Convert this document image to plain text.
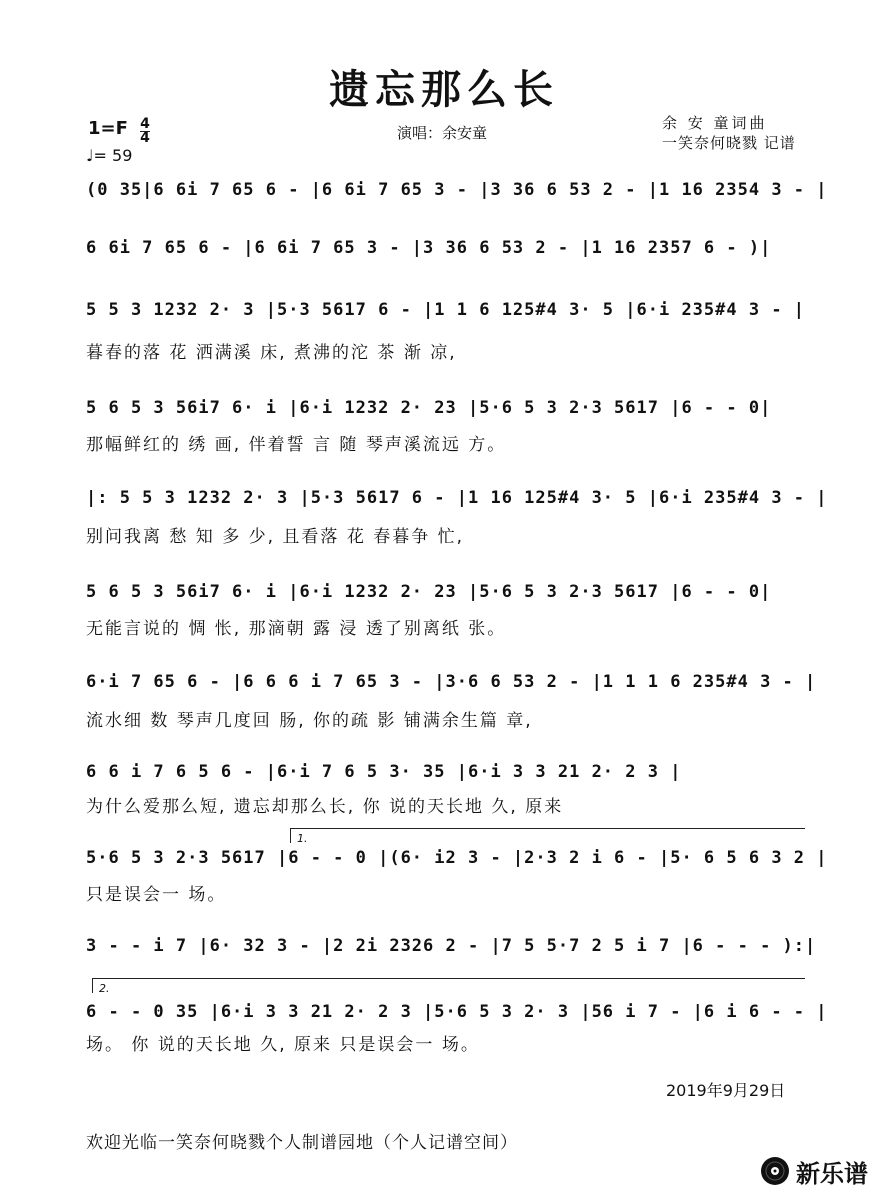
遗忘那么长
1=F 4
4
♩= 59
演唱：余安童
余 安 童词曲
一笑奈何晓戮 记谱
(0 35|6 6i 7 65 6 - |6 6i 7 65 3 - |3 36 6 53 2 - |1 16 2354 3 - |
6 6i 7 65 6 - |6 6i 7 65 3 - |3 36 6 53 2 - |1 16 2357 6 - )|
5 5 3 1232 2· 3 |5·3 5617 6 - |1 1 6 125#4 3· 5 |6·i 235#4 3 - |
暮春的落 花 洒满溪 床, 煮沸的沱 茶 渐 凉,
5 6 5 3 56i7 6· i |6·i 1232 2· 23 |5·6 5 3 2·3 5617 |6 - - 0|
那幅鲜红的 绣 画, 伴着誓 言 随 琴声溪流远 方。
|: 5 5 3 1232 2· 3 |5·3 5617 6 - |1 16 125#4 3· 5 |6·i 235#4 3 - |
别问我离 愁 知 多 少, 且看落 花 春暮争 忙,
5 6 5 3 56i7 6· i |6·i 1232 2· 23 |5·6 5 3 2·3 5617 |6 - - 0|
无能言说的 惆 怅, 那滴朝 露 浸 透了别离纸 张。
6·i 7 65 6 - |6 6 6 i 7 65 3 - |3·6 6 53 2 - |1 1 1 6 235#4 3 - |
流水细 数 琴声几度回 肠, 你的疏 影 铺满余生篇 章,
6 6 i 7 6 5 6 - |6·i 7 6 5 3· 35 |6·i 3 3 21 2· 2 3 |
为什么爱那么短, 遗忘却那么长, 你 说的天长地 久, 原来
1.
5·6 5 3 2·3 5617 |6 - - 0 |(6· i2 3 - |2·3 2 i 6 - |5· 6 5 6 3 2 |
只是误会一 场。
3 - - i 7 |6· 32 3 - |2 2i 2326 2 - |7 5 5·7 2 5 i 7 |6 - - - ):|
2.
6 - - 0 35 |6·i 3 3 21 2· 2 3 |5·6 5 3 2· 3 |56 i 7 - |6 i 6 - - |
场。 你 说的天长地 久, 原来 只是误会一 场。
2019年9月29日
欢迎光临一笑奈何晓戮个人制谱园地（个人记谱空间）
新乐谱
